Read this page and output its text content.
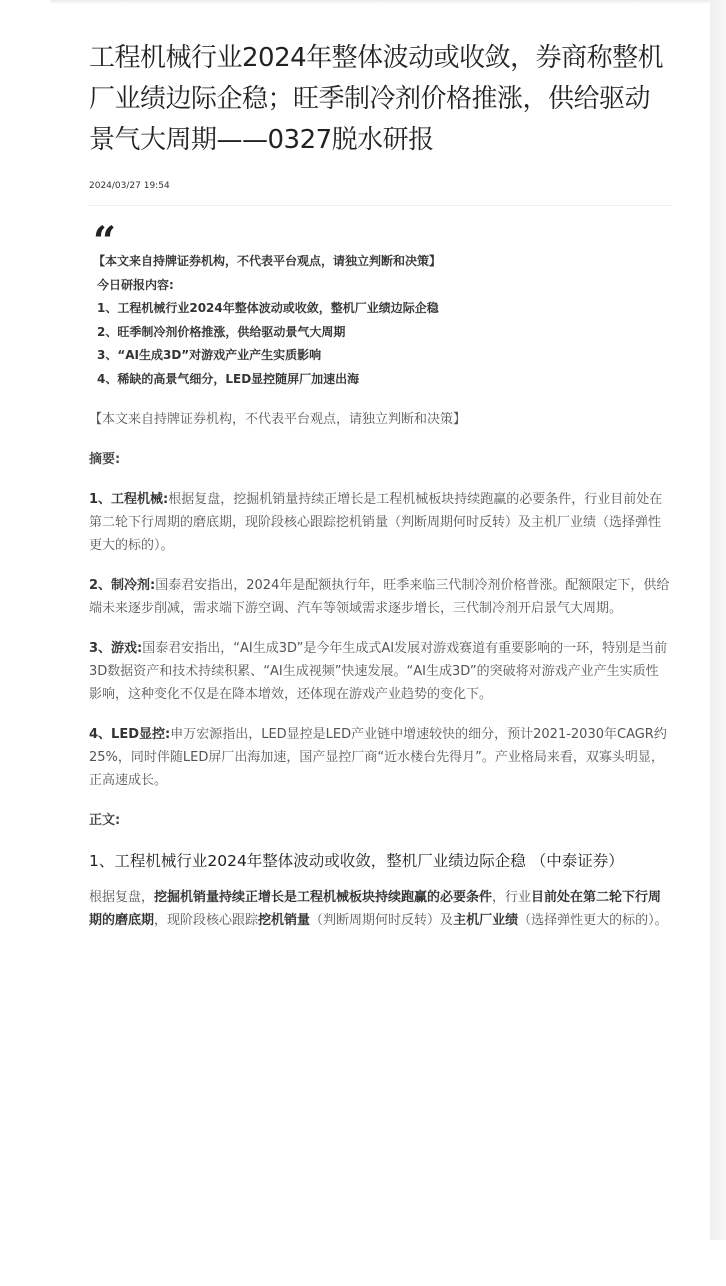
工程机械行业2024年整体波动或收敛，券商称整机厂业绩边际企稳；旺季制冷剂价格推涨，供给驱动景气大周期——0327脱水研报
2024/03/27 19:54
“
【本文来自持牌证券机构，不代表平台观点，请独立判断和决策】
今日研报内容:
1、工程机械行业2024年整体波动或收敛，整机厂业绩边际企稳
2、旺季制冷剂价格推涨，供给驱动景气大周期
3、“AI生成3D”对游戏产业产生实质影响
4、稀缺的高景气细分，LED显控随屏厂加速出海

【本文来自持牌证券机构，不代表平台观点，请独立判断和决策】

摘要:

1、工程机械:根据复盘，挖掘机销量持续正增长是工程机械板块持续跑赢的必要条件，行业目前处在第二轮下行周期的磨底期，现阶段核心跟踪挖机销量（判断周期何时反转）及主机厂业绩（选择弹性更大的标的）。

2、制冷剂:国泰君安指出，2024年是配额执行年，旺季来临三代制冷剂价格普涨。配额限定下，供给端未来逐步削减，需求端下游空调、汽车等领域需求逐步增长，三代制冷剂开启景气大周期。

3、游戏:国泰君安指出，“AI生成3D”是今年生成式AI发展对游戏赛道有重要影响的一环，特别是当前3D数据资产和技术持续积累、“AI生成视频”快速发展。“AI生成3D”的突破将对游戏产业产生实质性影响，这种变化不仅是在降本增效，还体现在游戏产业趋势的变化下。

4、LED显控:申万宏源指出，LED显控是LED产业链中增速较快的细分，预计2021-2030年CAGR约25%，同时伴随LED屏厂出海加速，国产显控厂商“近水楼台先得月”。产业格局来看，双寡头明显，正高速成长。

正文:

1、工程机械行业2024年整体波动或收敛，整机厂业绩边际企稳 （中泰证券）

根据复盘，挖掘机销量持续正增长是工程机械板块持续跑赢的必要条件，行业目前处在第二轮下行周期的磨底期，现阶段核心跟踪挖机销量（判断周期何时反转）及主机厂业绩（选择弹性更大的标的）。
